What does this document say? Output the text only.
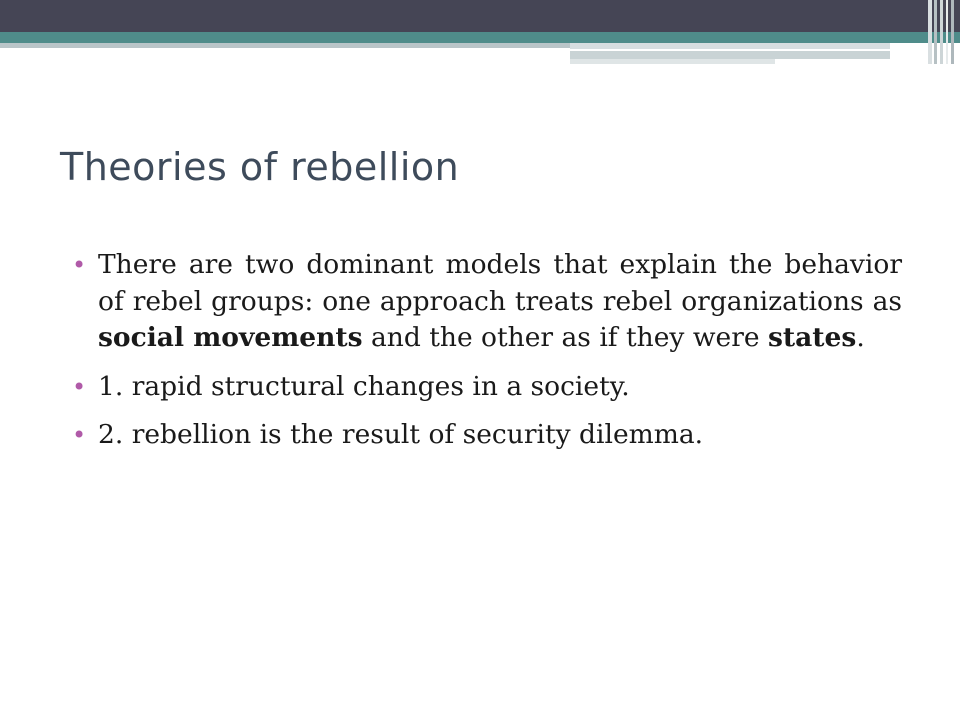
Theories of rebellion
• There are two dominant models that explain the behavior of rebel groups: one approach treats rebel organizations as social movements and the other as if they were states.
• 1. rapid structural changes in a society.
• 2. rebellion is the result of security dilemma.
